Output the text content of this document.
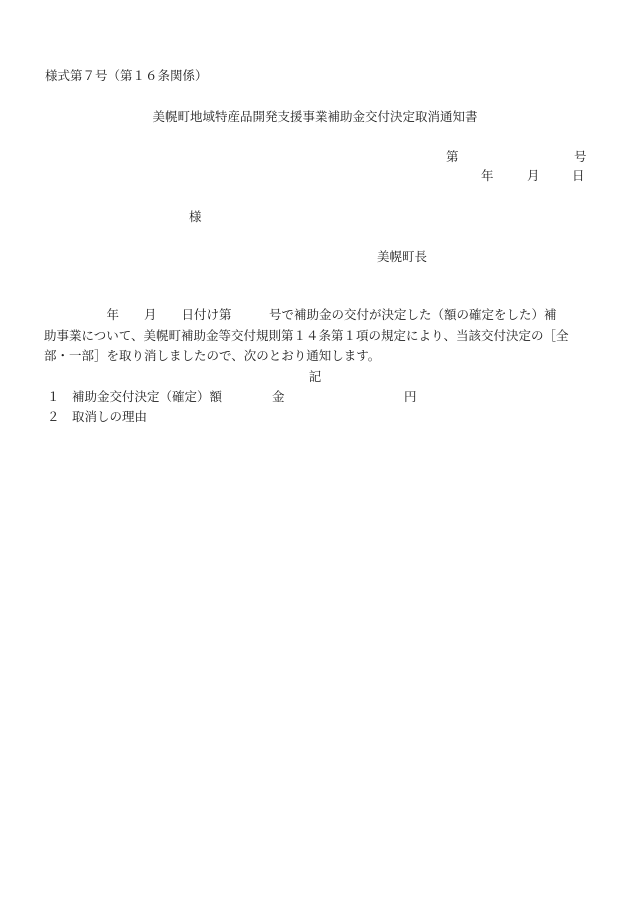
様式第７号（第１６条関係）
美幌町地域特産品開発支援事業補助金交付決定取消通知書
第	号
年	月	日
様
美幌町長
　　　　　年　　月　　日付け第　　　号で補助金の交付が決定した（額の確定をした）補
助事業について、美幌町補助金等交付規則第１４条第１項の規定により、当該交付決定の［全
部・一部］を取り消しましたので、次のとおり通知します。
記
１ 補助金交付決定（確定）額	金	円
２ 取消しの理由
